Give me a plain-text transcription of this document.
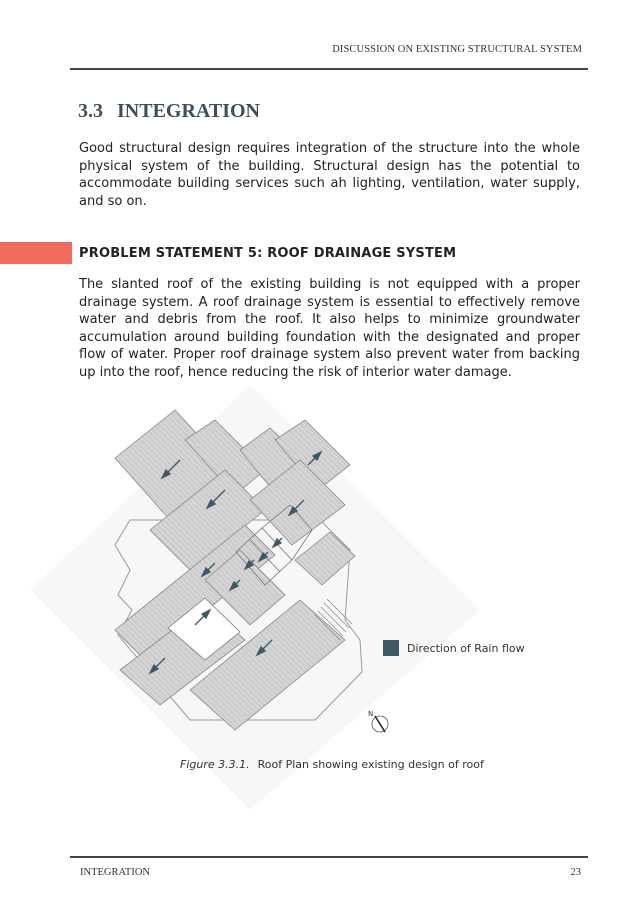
DISCUSSION ON EXISTING STRUCTURAL SYSTEM
3.3 INTEGRATION

Good structural design requires integration of the structure into the whole physical system of the building. Structural design has the potential to accommodate building services such ah lighting, ventilation, water supply, and so on.

PROBLEM STATEMENT 5: ROOF DRAINAGE SYSTEM

The slanted roof of the existing building is not equipped with a proper drainage system. A roof drainage system is essential to effectively remove water and debris from the roof. It also helps to minimize groundwater accumulation around building foundation with the designated and proper flow of water. Proper roof drainage system also prevent water from backing up into the roof, hence reducing the risk of interior water damage.

N
Direction of Rain flow
Figure 3.3.1. Roof Plan showing existing design of roof
INTEGRATION	23
